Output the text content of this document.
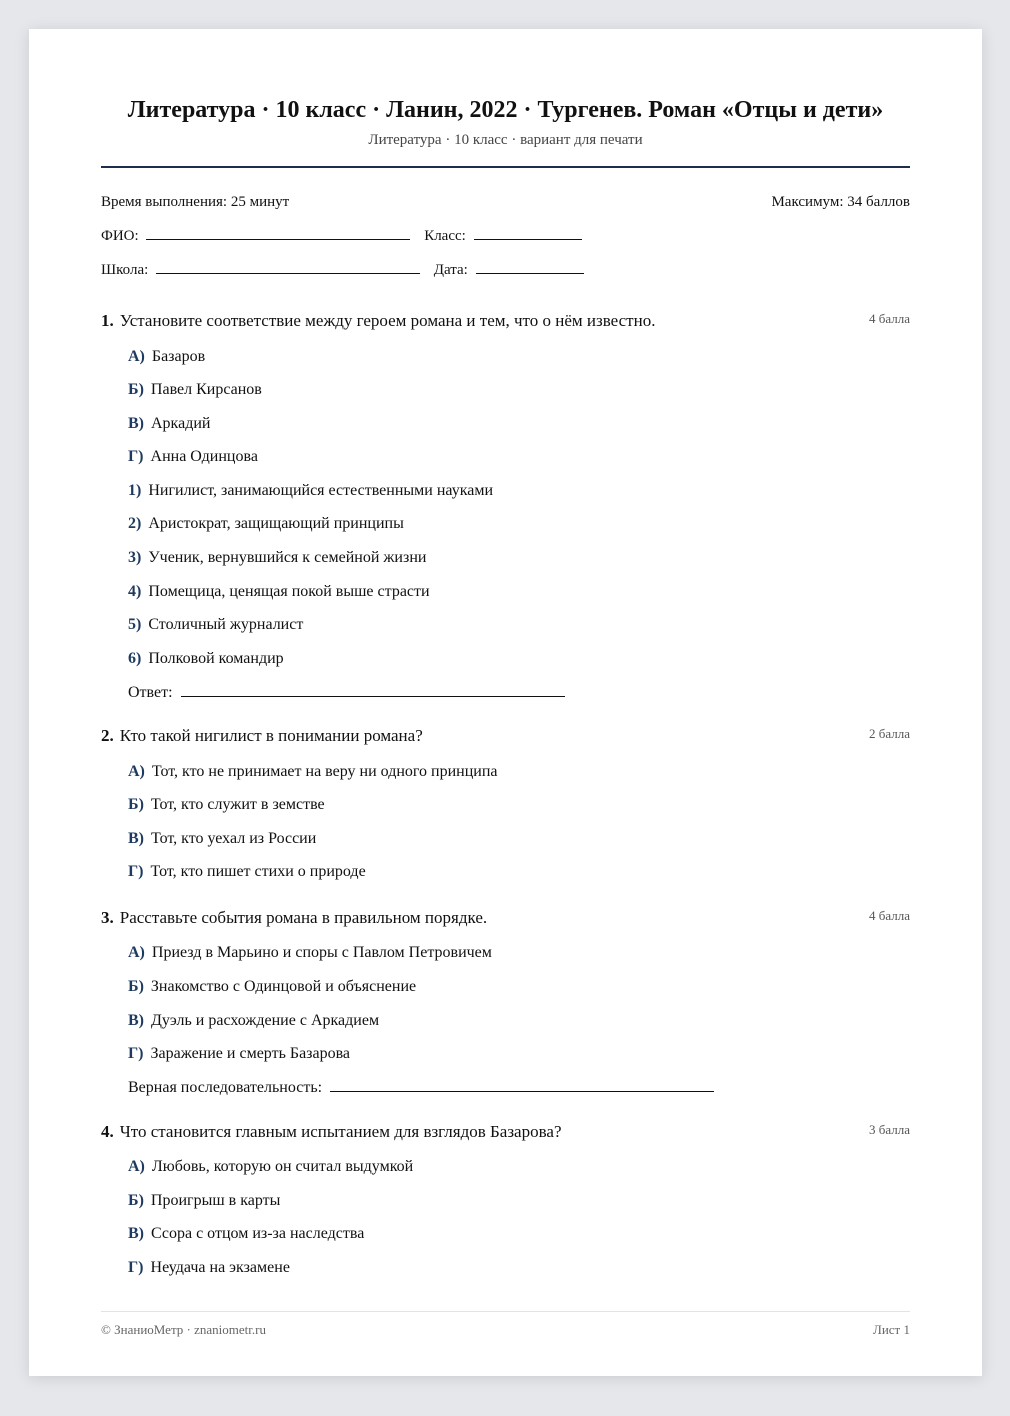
Литература · 10 класс · Ланин, 2022 · Тургенев. Роман «Отцы и дети»
Литература · 10 класс · вариант для печати
Время выполнения: 25 минут	Максимум: 34 баллов
ФИО:	Класс:
Школа:	Дата:
1. Установите соответствие между героем романа и тем, что о нём известно.	4 балла
А) Базаров
Б) Павел Кирсанов
В) Аркадий
Г) Анна Одинцова
1) Нигилист, занимающийся естественными науками
2) Аристократ, защищающий принципы
3) Ученик, вернувшийся к семейной жизни
4) Помещица, ценящая покой выше страсти
5) Столичный журналист
6) Полковой командир
Ответ:
2. Кто такой нигилист в понимании романа?	2 балла
А) Тот, кто не принимает на веру ни одного принципа
Б) Тот, кто служит в земстве
В) Тот, кто уехал из России
Г) Тот, кто пишет стихи о природе
3. Расставьте события романа в правильном порядке.	4 балла
А) Приезд в Марьино и споры с Павлом Петровичем
Б) Знакомство с Одинцовой и объяснение
В) Дуэль и расхождение с Аркадием
Г) Заражение и смерть Базарова
Верная последовательность:
4. Что становится главным испытанием для взглядов Базарова?	3 балла
А) Любовь, которую он считал выдумкой
Б) Проигрыш в карты
В) Ссора с отцом из-за наследства
Г) Неудача на экзамене
© ЗнаниоМетр · znaniometr.ru	Лист 1
